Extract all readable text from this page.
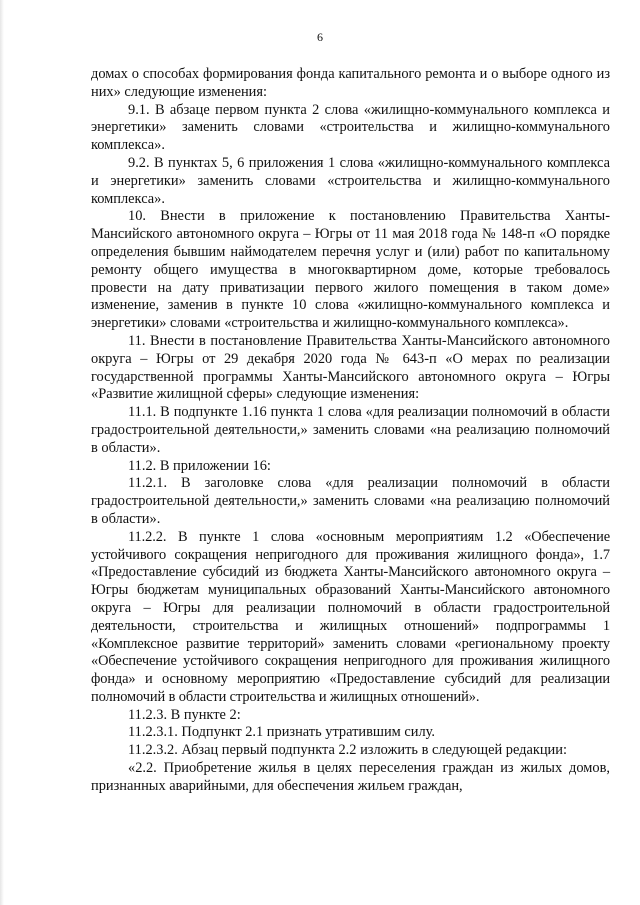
6

домах о способах формирования фонда капитального ремонта и о выборе одного из них» следующие изменения:

9.1. В абзаце первом пункта 2 слова «жилищно-коммунального комплекса и энергетики» заменить словами «строительства и жилищно-коммунального комплекса».

9.2. В пунктах 5, 6 приложения 1 слова «жилищно-коммунального комплекса и энергетики» заменить словами «строительства и жилищно-коммунального комплекса».

10. Внести в приложение к постановлению Правительства Ханты-Мансийского автономного округа – Югры от 11 мая 2018 года № 148-п «О порядке определения бывшим наймодателем перечня услуг и (или) работ по капитальному ремонту общего имущества в многоквартирном доме, которые требовалось провести на дату приватизации первого жилого помещения в таком доме» изменение, заменив в пункте 10 слова «жилищно-коммунального комплекса и энергетики» словами «строительства и жилищно-коммунального комплекса».

11. Внести в постановление Правительства Ханты-Мансийского автономного округа – Югры от 29 декабря 2020 года № 643-п «О мерах по реализации государственной программы Ханты-Мансийского автономного округа – Югры «Развитие жилищной сферы» следующие изменения:

11.1. В подпункте 1.16 пункта 1 слова «для реализации полномочий в области градостроительной деятельности,» заменить словами «на реализацию полномочий в области».

11.2. В приложении 16:

11.2.1. В заголовке слова «для реализации полномочий в области градостроительной деятельности,» заменить словами «на реализацию полномочий в области».

11.2.2. В пункте 1 слова «основным мероприятиям 1.2 «Обеспечение устойчивого сокращения непригодного для проживания жилищного фонда», 1.7 «Предоставление субсидий из бюджета Ханты-Мансийского автономного округа – Югры бюджетам муниципальных образований Ханты-Мансийского автономного округа – Югры для реализации полномочий в области градостроительной деятельности, строительства и жилищных отношений» подпрограммы 1 «Комплексное развитие территорий» заменить словами «региональному проекту «Обеспечение устойчивого сокращения непригодного для проживания жилищного фонда» и основному мероприятию «Предоставление субсидий для реализации полномочий в области строительства и жилищных отношений».

11.2.3. В пункте 2:

11.2.3.1. Подпункт 2.1 признать утратившим силу.

11.2.3.2. Абзац первый подпункта 2.2 изложить в следующей редакции:

«2.2. Приобретение жилья в целях переселения граждан из жилых домов, признанных аварийными, для обеспечения жильем граждан,
